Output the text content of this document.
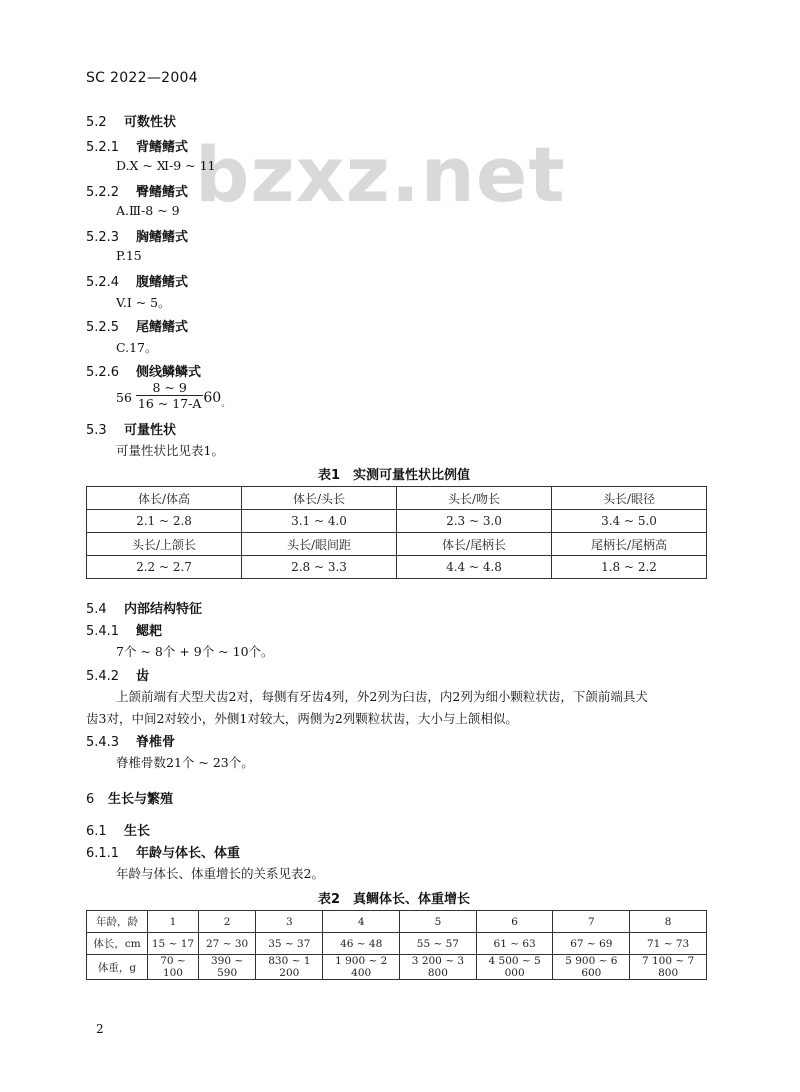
SC 2022—2004
bzxz.net
5.2 可数性状
5.2.1 背鳍鳍式
D.X ~ Ⅺ-9 ~ 11
5.2.2 臀鳍鳍式
A.Ⅲ-8 ~ 9
5.2.3 胸鳍鳍式
P.15
5.2.4 腹鳍鳍式
V.Ⅰ ~ 5。
5.2.5 尾鳍鳍式
C.17。
5.2.6 侧线鳞鳞式
$56 \frac{8 \sim 9}{16 \sim 17-A} 60_。$
5.3 可量性状
可量性状比见表1。
表1　实测可量性状比例值
体长/体高	体长/头长	头长/吻长	头长/眼径
2.1 ~ 2.8	3.1 ~ 4.0	2.3 ~ 3.0	3.4 ~ 5.0
头长/上颌长	头长/眼间距	体长/尾柄长	尾柄长/尾柄高
2.2 ~ 2.7	2.8 ~ 3.3	4.4 ~ 4.8	1.8 ~ 2.2
5.4 内部结构特征
5.4.1 鳃耙
7个 ~ 8个 + 9个 ~ 10个。
5.4.2 齿
上颌前端有犬型犬齿2对，每侧有牙齿4列，外2列为臼齿，内2列为细小颗粒状齿，下颌前端具犬
齿3对，中间2对较小，外侧1对较大，两侧为2列颗粒状齿，大小与上颌相似。
5.4.3 脊椎骨
脊椎骨数21个 ~ 23个。
6 生长与繁殖
6.1 生长
6.1.1 年龄与体长、体重
年龄与体长、体重增长的关系见表2。
表2　真鲷体长、体重增长
年龄，龄	1	2	3	4	5	6	7	8
体长，cm	15 ~ 17	27 ~ 30	35 ~ 37	46 ~ 48	55 ~ 57	61 ~ 63	67 ~ 69	71 ~ 73
体重，g	70 ~ 100	390 ~ 590	830 ~ 1 200	1 900 ~ 2 400	3 200 ~ 3 800	4 500 ~ 5 000	5 900 ~ 6 600	7 100 ~ 7 800
2
